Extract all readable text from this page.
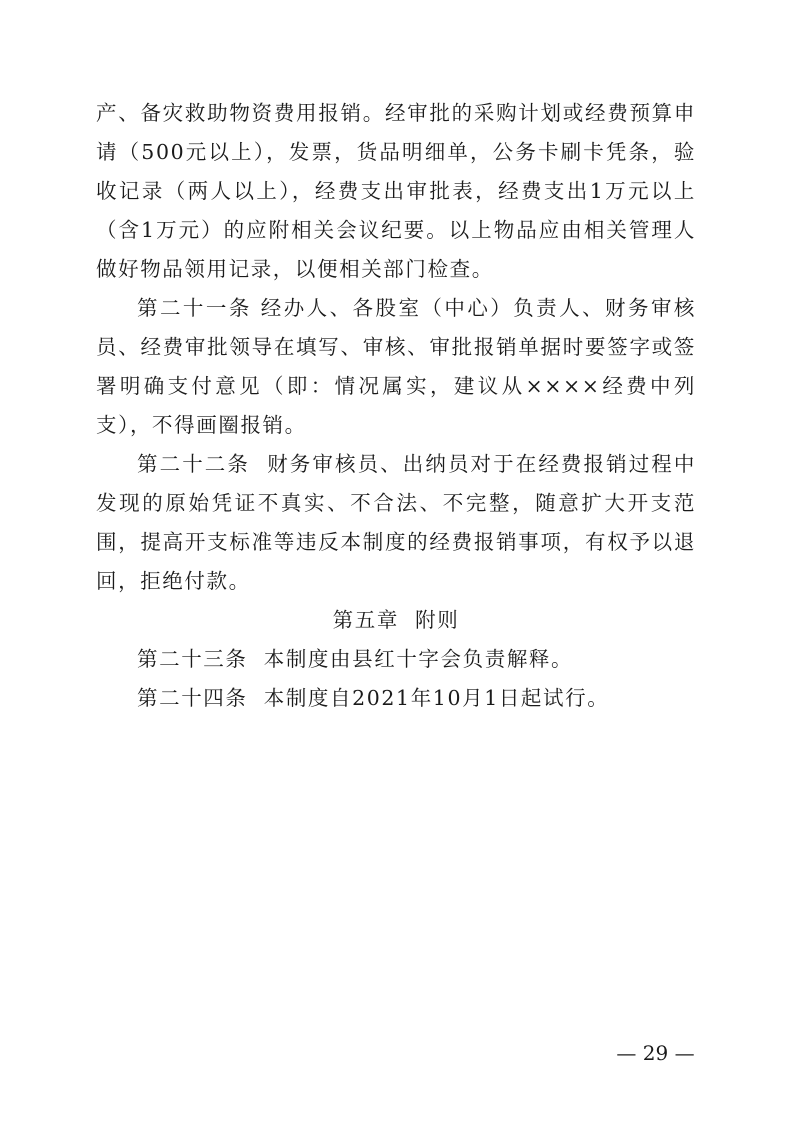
产、备灾救助物资费用报销。经审批的采购计划或经费预算申请（500元以上），发票，货品明细单，公务卡刷卡凭条，验收记录（两人以上），经费支出审批表，经费支出1万元以上（含1万元）的应附相关会议纪要。以上物品应由相关管理人做好物品领用记录，以便相关部门检查。

第二十一条 经办人、各股室（中心）负责人、财务审核员、经费审批领导在填写、审核、审批报销单据时要签字或签署明确支付意见（即：情况属实，建议从××××经费中列支），不得画圈报销。

第二十二条  财务审核员、出纳员对于在经费报销过程中发现的原始凭证不真实、不合法、不完整，随意扩大开支范围，提高开支标准等违反本制度的经费报销事项，有权予以退回，拒绝付款。

第五章  附则

第二十三条  本制度由县红十字会负责解释。

第二十四条  本制度自2021年10月1日起试行。

— 29 —
